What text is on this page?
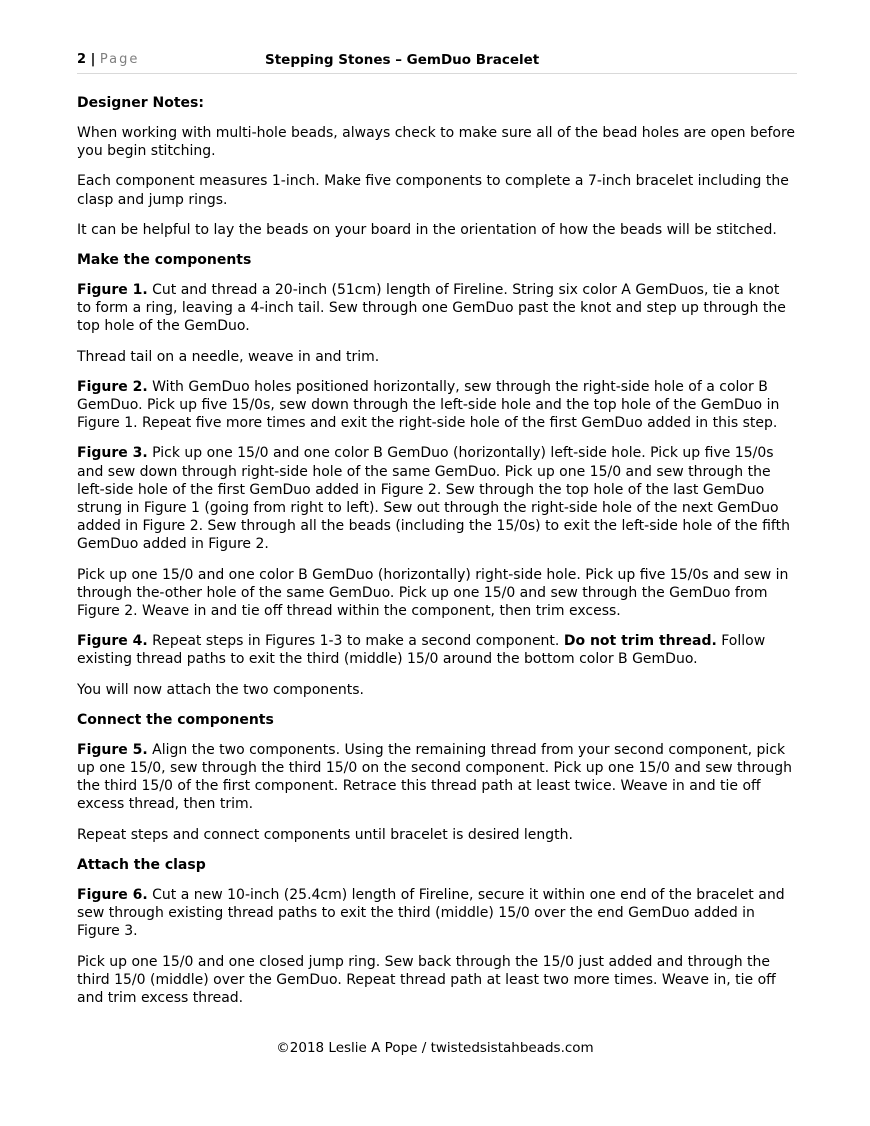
2 | Page	Stepping Stones – GemDuo Bracelet
Designer Notes:

When working with multi-hole beads, always check to make sure all of the bead holes are open before you begin stitching.

Each component measures 1-inch. Make five components to complete a 7-inch bracelet including the clasp and jump rings.

It can be helpful to lay the beads on your board in the orientation of how the beads will be stitched.

Make the components

Figure 1. Cut and thread a 20-inch (51cm) length of Fireline. String six color A GemDuos, tie a knot to form a ring, leaving a 4-inch tail. Sew through one GemDuo past the knot and step up through the top hole of the GemDuo.

Thread tail on a needle, weave in and trim.

Figure 2. With GemDuo holes positioned horizontally, sew through the right-side hole of a color B GemDuo. Pick up five 15/0s, sew down through the left-side hole and the top hole of the GemDuo in Figure 1. Repeat five more times and exit the right-side hole of the first GemDuo added in this step.

Figure 3. Pick up one 15/0 and one color B GemDuo (horizontally) left-side hole. Pick up five 15/0s and sew down through right-side hole of the same GemDuo. Pick up one 15/0 and sew through the left-side hole of the first GemDuo added in Figure 2. Sew through the top hole of the last GemDuo strung in Figure 1 (going from right to left). Sew out through the right-side hole of the next GemDuo added in Figure 2. Sew through all the beads (including the 15/0s) to exit the left-side hole of the fifth GemDuo added in Figure 2.

Pick up one 15/0 and one color B GemDuo (horizontally) right-side hole. Pick up five 15/0s and sew in through the-other hole of the same GemDuo. Pick up one 15/0 and sew through the GemDuo from Figure 2. Weave in and tie off thread within the component, then trim excess.

Figure 4. Repeat steps in Figures 1-3 to make a second component. Do not trim thread. Follow existing thread paths to exit the third (middle) 15/0 around the bottom color B GemDuo.

You will now attach the two components.

Connect the components

Figure 5. Align the two components. Using the remaining thread from your second component, pick up one 15/0, sew through the third 15/0 on the second component. Pick up one 15/0 and sew through the third 15/0 of the first component. Retrace this thread path at least twice. Weave in and tie off excess thread, then trim.

Repeat steps and connect components until bracelet is desired length.

Attach the clasp

Figure 6. Cut a new 10-inch (25.4cm) length of Fireline, secure it within one end of the bracelet and sew through existing thread paths to exit the third (middle) 15/0 over the end GemDuo added in Figure 3.

Pick up one 15/0 and one closed jump ring. Sew back through the 15/0 just added and through the third 15/0 (middle) over the GemDuo. Repeat thread path at least two more times. Weave in, tie off and trim excess thread.

©2018 Leslie A Pope / twistedsistahbeads.com
